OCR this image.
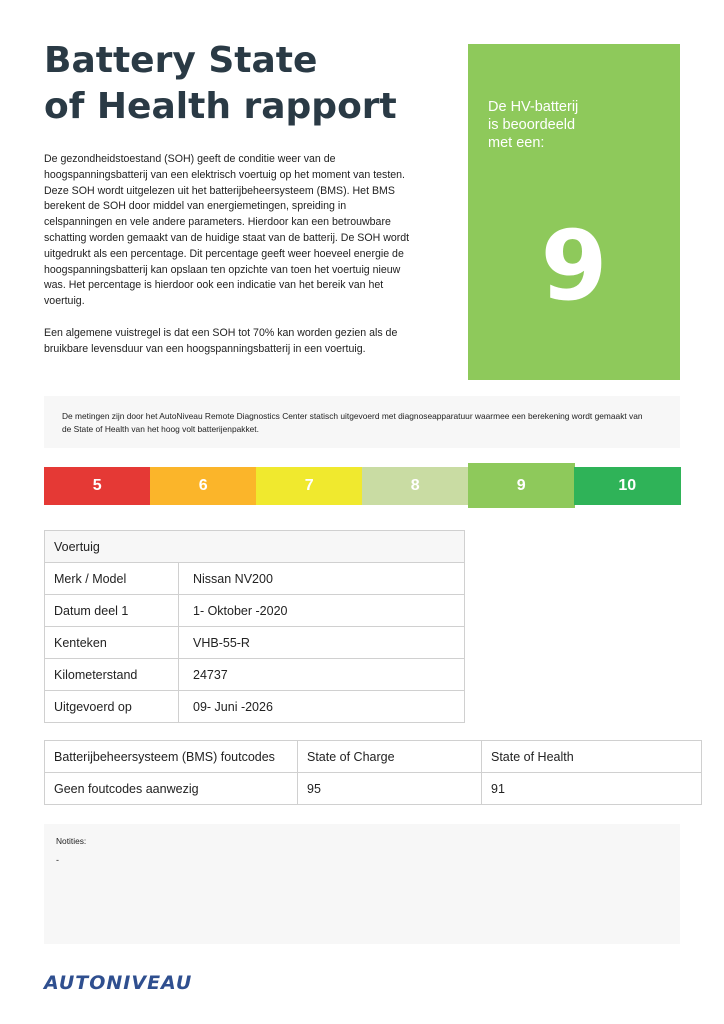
Battery State
of Health rapport

De gezondheidstoestand (SOH) geeft de conditie weer van de hoogspanningsbatterij van een elektrisch voertuig op het moment van testen. Deze SOH wordt uitgelezen uit het batterijbeheersysteem (BMS). Het BMS berekent de SOH door middel van energiemetingen, spreiding in celspanningen en vele andere parameters. Hierdoor kan een betrouwbare schatting worden gemaakt van de huidige staat van de batterij. De SOH wordt uitgedrukt als een percentage. Dit percentage geeft weer hoeveel energie de hoogspanningsbatterij kan opslaan ten opzichte van toen het voertuig nieuw was. Het percentage is hierdoor ook een indicatie van het bereik van het voertuig.

Een algemene vuistregel is dat een SOH tot 70% kan worden gezien als de bruikbare levensduur van een hoogspanningsbatterij in een voertuig.

De HV-batterij
is beoordeeld
met een:
9
De metingen zijn door het AutoNiveau Remote Diagnostics Center statisch uitgevoerd met diagnoseapparatuur waarmee een berekening wordt gemaakt van de State of Health van het hoog volt batterijenpakket.
5	6	7	8	9	10
Voertuig	
Merk / Model	Nissan NV200
Datum deel 1	1- Oktober -2020
Kenteken	VHB-55-R
Kilometerstand	24737
Uitgevoerd op	09- Juni -2026
Batterijbeheersysteem (BMS) foutcodes	State of Charge	State of Health
Geen foutcodes aanwezig	95	91
Notities:
-
AUTONIVEAU
